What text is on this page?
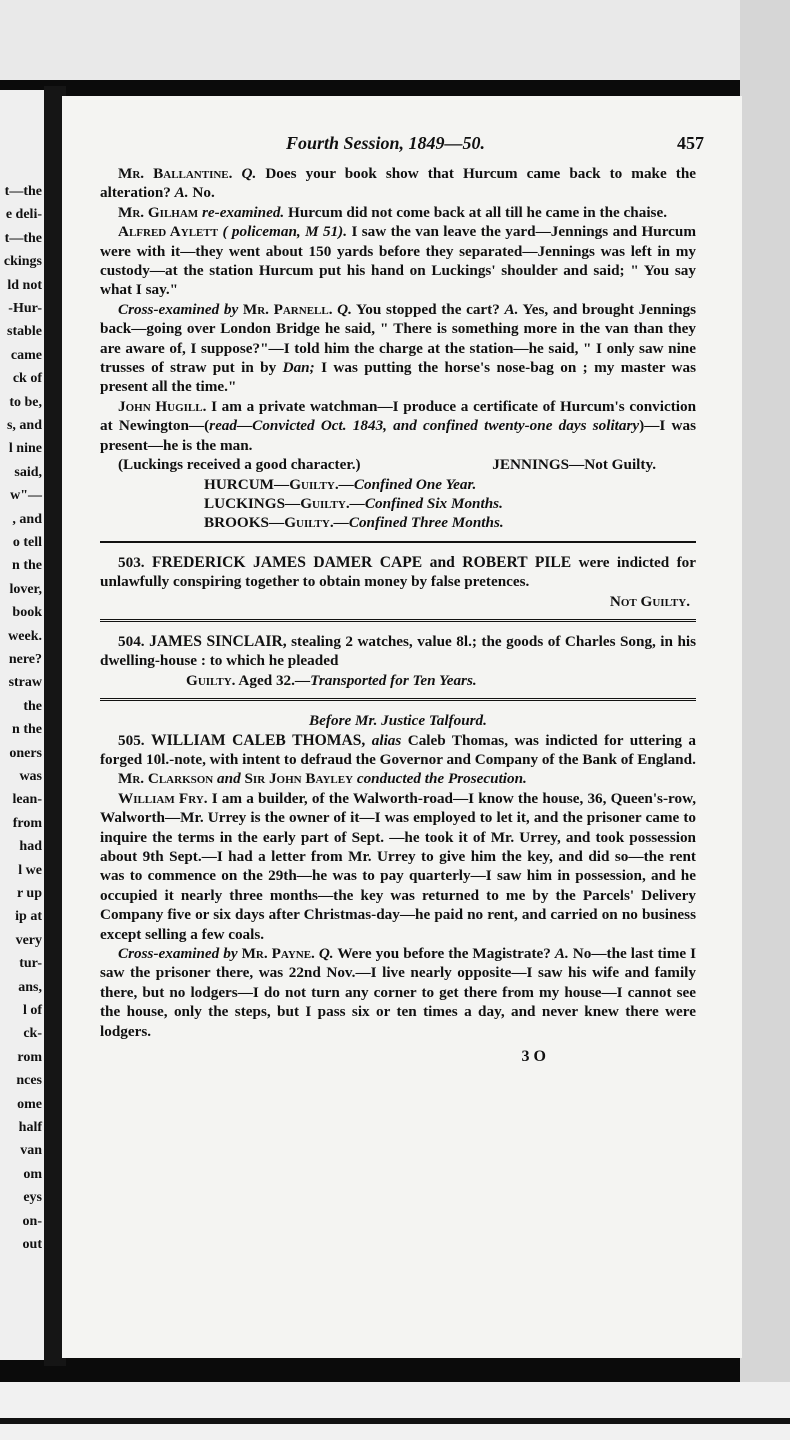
t—the
e deli-
t—the
ckings
ld not
-Hur-
stable
came
ck of
to be,
s, and
l nine
said,
w"—
, and
o tell
n the
lover,
book
week.
nere?
straw
the
n the
oners
was
lean-
from
had
l we
r up
ip at
very
tur-
ans,
l of
ck-
rom
nces
ome
half
van
om
eys
on-
out
Fourth Session, 1849—50.	457

Mr. Ballantine. Q. Does your book show that Hurcum came back to make the alteration? A. No.

Mr. Gilham re-examined. Hurcum did not come back at all till he came in the chaise.

Alfred Aylett ( policeman, M 51). I saw the van leave the yard—Jennings and Hurcum were with it—they went about 150 yards before they separated—Jennings was left in my custody—at the station Hurcum put his hand on Luckings' shoulder and said; " You say what I say."

Cross-examined by Mr. Parnell. Q. You stopped the cart? A. Yes, and brought Jennings back—going over London Bridge he said, " There is something more in the van than they are aware of, I suppose?"—I told him the charge at the station—he said, " I only saw nine trusses of straw put in by Dan; I was putting the horse's nose-bag on ; my master was present all the time."

John Hugill. I am a private watchman—I produce a certificate of Hurcum's conviction at Newington—(read—Convicted Oct. 1843, and confined twenty-one days solitary)—I was present—he is the man.

(Luckings received a good character.)	JENNINGS—Not Guilty.
HURCUM—Guilty.—Confined One Year.
LUCKINGS—Guilty.—Confined Six Months.
BROOKS—Guilty.—Confined Three Months.

503. FREDERICK JAMES DAMER CAPE and ROBERT PILE were indicted for unlawfully conspiring together to obtain money by false pretences.

Not Guilty.

504. JAMES SINCLAIR, stealing 2 watches, value 8l.; the goods of Charles Song, in his dwelling-house : to which he pleaded

Guilty. Aged 32.—Transported for Ten Years.
Before Mr. Justice Talfourd.

505. WILLIAM CALEB THOMAS, alias Caleb Thomas, was indicted for uttering a forged 10l.-note, with intent to defraud the Governor and Company of the Bank of England.

Mr. Clarkson and Sir John Bayley conducted the Prosecution.

William Fry. I am a builder, of the Walworth-road—I know the house, 36, Queen's-row, Walworth—Mr. Urrey is the owner of it—I was employed to let it, and the prisoner came to inquire the terms in the early part of Sept. —he took it of Mr. Urrey, and took possession about 9th Sept.—I had a letter from Mr. Urrey to give him the key, and did so—the rent was to commence on the 29th—he was to pay quarterly—I saw him in possession, and he occupied it nearly three months—the key was returned to me by the Parcels' Delivery Company five or six days after Christmas-day—he paid no rent, and carried on no business except selling a few coals.

Cross-examined by Mr. Payne. Q. Were you before the Magistrate? A. No—the last time I saw the prisoner there, was 22nd Nov.—I live nearly opposite—I saw his wife and family there, but no lodgers—I do not turn any corner to get there from my house—I cannot see the house, only the steps, but I pass six or ten times a day, and never knew there were lodgers.

3 O
